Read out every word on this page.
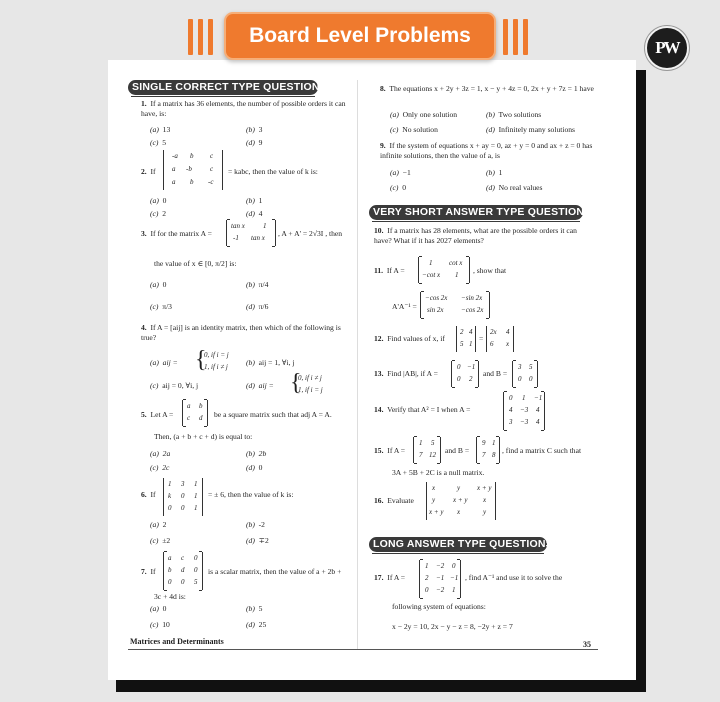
Board Level Problems
PW
SINGLE CORRECT TYPE QUESTIONS
VERY SHORT ANSWER TYPE QUESTIONS
LONG ANSWER TYPE QUESTIONS
1. If a matrix has 36 elements, the number of possible orders it can have, is:
(a) 13	(b) 3
(c) 5	(d) 9
2. If
-a b c
a -b	c
a b -c
= kabc, then the value of k is:
(a) 0	(b) 1
(c) 2	(d) 4
3. If for the matrix A =
tan x	1
-1 tan x , A + A' = 2√3I , then
the value of x ∈ [0, π/2] is:
(a) 0	(b) π/4
(c) π/3	(d) π/6
4. If A = [aij] is an identity matrix, then which of the following is true?
(a) aij = {
0, if i = j
1, if i ≠ j (b) aij = 1, ∀i, j
(c) aij = 0, ∀i, j	(d) aij = {
0, if i ≠ j
1, if i = j
5. Let A =
a b
c d be a square matrix such that adj A = A.
Then, (a + b + c + d) is equal to:
(a) 2a	(b) 2b
(c) 2c	(d) 0
6. If
1 3 1
k 0 1
0 0 1
= ± 6, then the value of k is:
(a) 2	(b) -2
(c) ±2	(d) ∓2
7. If
a c 0
b d 0
0 0 5
is a scalar matrix, then the value of a + 2b +
3c + 4d is:
(a) 0	(b) 5
(c) 10	(d) 25
8. The equations x + 2y + 3z = 1, x − y + 4z = 0, 2x + y + 7z = 1 have
(a) Only one solution	(b) Two solutions
(c) No solution	(d) Infinitely many solutions
9. If the system of equations x + ay = 0, az + y = 0 and ax + z = 0 has infinite solutions, then the value of a, is
(a) −1	(b) 1
(c) 0	(d) No real values
10. If a matrix has 28 elements, what are the possible orders it can have? What if it has 2027 elements?
11. If A =
1 cot x
−cot x 1 , show that
A'A⁻¹ =
−cos 2x −sin 2x
sin 2x −cos 2x
12. Find values of x, if
2 4
5 1
=
2x 4
6 x
13. Find |AB|, if A =
0 −1
0 2
and B =
3 5
0 0
14. Verify that A² = I when A =
0 1 −1
4 −3 4
3 −3 4
15. If A =
1 5
7 12 and B =
9 1
7 8 , find a matrix C such that
3A + 5B + 2C is a null matrix.
16. Evaluate
x	y x + y
y	x + y x
x + y x	y
17. If A =
1 −2 0
2 −1 −1
0 −2 1
, find A⁻¹ and use it to solve the
following system of equations:
x − 2y = 10, 2x − y − z = 8, −2y + z = 7
Matrices and Determinants	35
